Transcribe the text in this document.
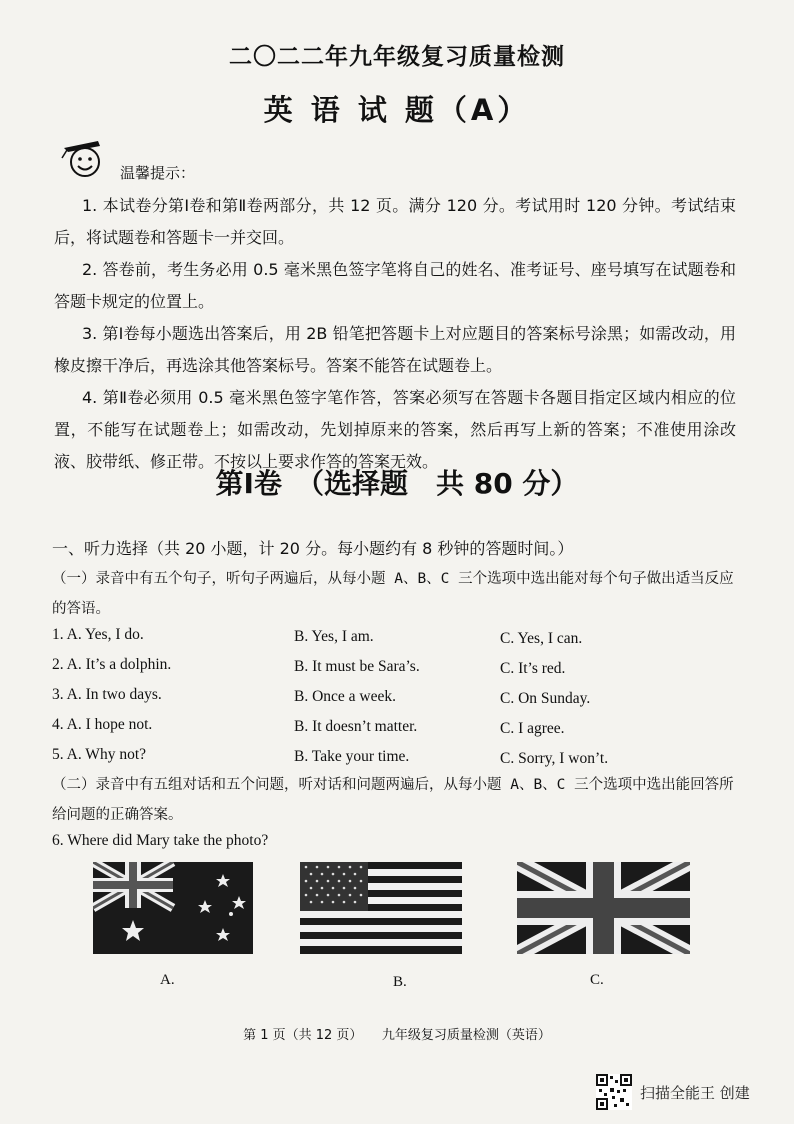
二〇二二年九年级复习质量检测
英 语 试 题（A）
温馨提示：

1. 本试卷分第Ⅰ卷和第Ⅱ卷两部分，共 12 页。满分 120 分。考试用时 120 分钟。考试结束后，将试题卷和答题卡一并交回。

2. 答卷前，考生务必用 0.5 毫米黑色签字笔将自己的姓名、准考证号、座号填写在试题卷和答题卡规定的位置上。

3. 第Ⅰ卷每小题选出答案后，用 2B 铅笔把答题卡上对应题目的答案标号涂黑；如需改动，用橡皮擦干净后，再选涂其他答案标号。答案不能答在试题卷上。

4. 第Ⅱ卷必须用 0.5 毫米黑色签字笔作答，答案必须写在答题卡各题目指定区域内相应的位置，不能写在试题卷上；如需改动，先划掉原来的答案，然后再写上新的答案；不准使用涂改液、胶带纸、修正带。不按以上要求作答的答案无效。

第Ⅰ卷　（选择题　共 80 分）
一、听力选择（共 20 小题，计 20 分。每小题约有 8 秒钟的答题时间。）

（一）录音中有五个句子，听句子两遍后，从每小题 A、B、C 三个选项中选出能对每个句子做出适当反应的答语。

1. A. Yes, I do.	B. Yes, I am.	C. Yes, I can.
2. A. It’s a dolphin.	B. It must be Sara’s.	C. It’s red.
3. A. In two days.	B. Once a week.	C. On Sunday.
4. A. I hope not.	B. It doesn’t matter.	C. I agree.
5. A. Why not?	B. Take your time.	C. Sorry, I won’t.

（二）录音中有五组对话和五个问题，听对话和问题两遍后，从每小题 A、B、C 三个选项中选出能回答所给问题的正确答案。

6. Where did Mary take the photo?
A.	B.	C.
第 1 页（共 12 页）　　九年级复习质量检测（英语）
扫描全能王 创建
